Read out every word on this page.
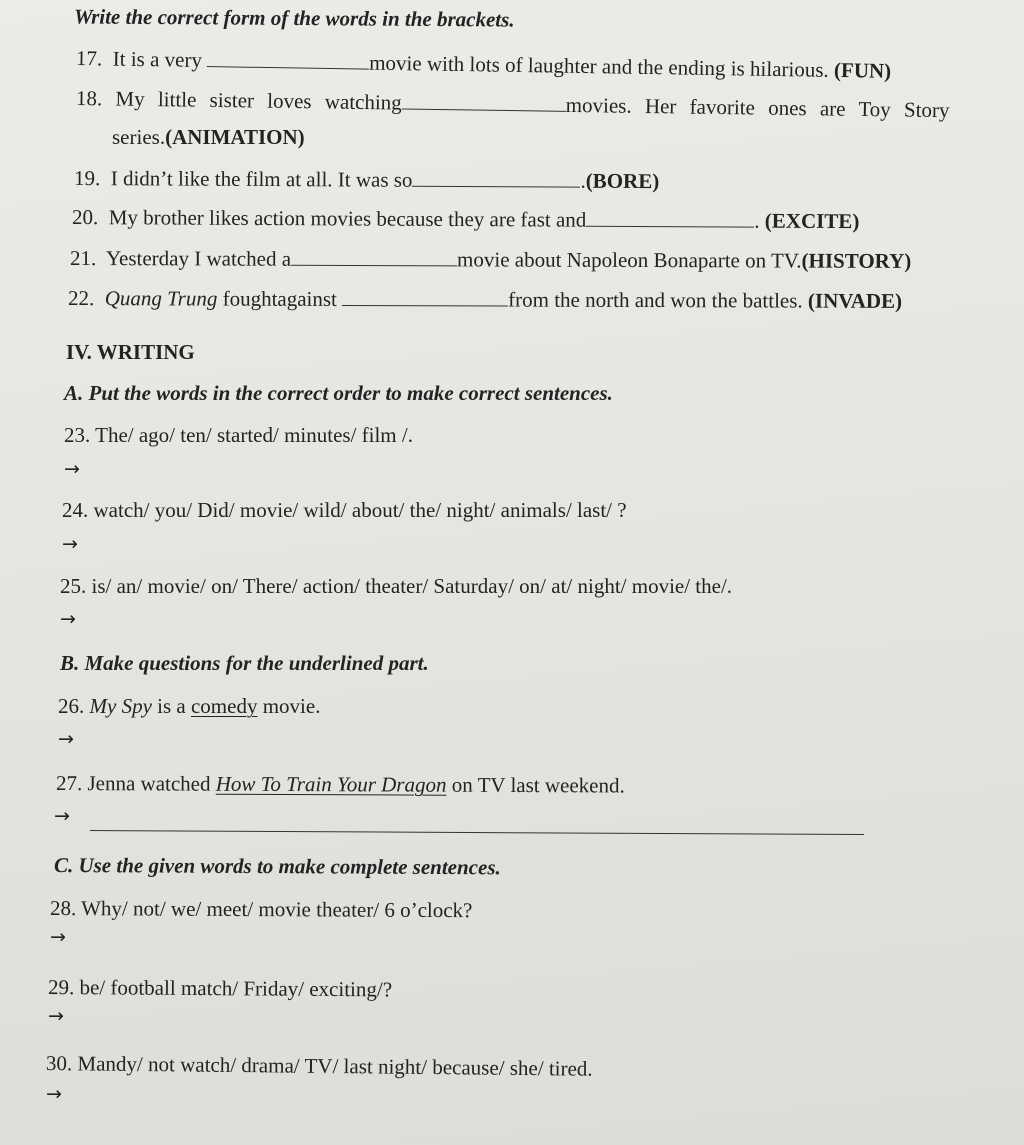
Write the correct form of the words in the brackets.
17. It is a very	movie with lots of laughter and the ending is hilarious. (FUN)
18. My little sister loves watching	movies. Her favorite ones are Toy Story
series.(ANIMATION)
19. I didn’t like the film at all. It was so	.(BORE)
20. My brother likes action movies because they are fast and	. (EXCITE)
21. Yesterday I watched a	movie about Napoleon Bonaparte on TV.(HISTORY)
22. Quang Trung foughtagainst	from the north and won the battles. (INVADE)
IV. WRITING
A. Put the words in the correct order to make correct sentences.
23. The/ ago/ ten/ started/ minutes/ film /.
→
24. watch/ you/ Did/ movie/ wild/ about/ the/ night/ animals/ last/ ?
→
25. is/ an/ movie/ on/ There/ action/ theater/ Saturday/ on/ at/ night/ movie/ the/.
→
B. Make questions for the underlined part.
26. My Spy is a comedy movie.
→
27. Jenna watched How To Train Your Dragon on TV last weekend.
→
C. Use the given words to make complete sentences.
28. Why/ not/ we/ meet/ movie theater/ 6 o’clock?
→
29. be/ football match/ Friday/ exciting/?
→
30. Mandy/ not watch/ drama/ TV/ last night/ because/ she/ tired.
→
